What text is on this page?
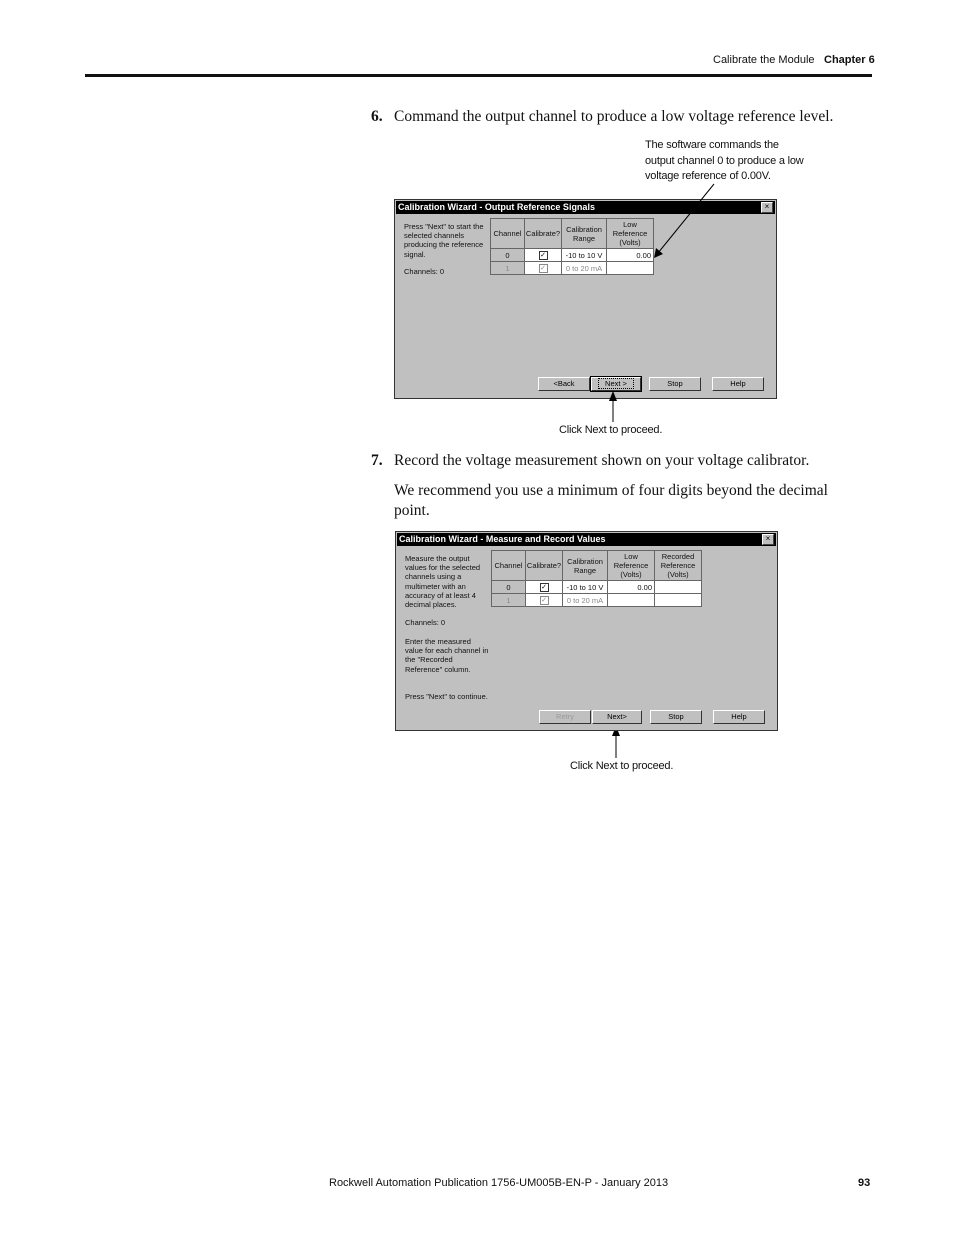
Calibrate the Module Chapter 6
6. Command the output channel to produce a low voltage reference level.
The software commands the
output channel 0 to produce a low
voltage reference of 0.00V.
Calibration Wizard - Output Reference Signals	×
Press "Next" to start the
selected channels
producing the reference
signal.
Channels: 0
Channel	Calibrate?	Calibration Range	Low Reference (Volts)
0	✓	-10 to 10 V	0.00
1	✓	0 to 20 mA	
<Back	Next >	Stop	Help
Click Next to proceed.
7. Record the voltage measurement shown on your voltage calibrator.
We recommend you use a minimum of four digits beyond the decimal point.
Calibration Wizard - Measure and Record Values	×
Measure the output
values for the selected
channels using a
multimeter with an
accuracy of at least 4
decimal places.
Channels: 0
Enter the measured
value for each channel in
the "Recorded
Reference" column.
Press "Next" to continue.
Channel	Calibrate?	Calibration Range	Low Reference (Volts)	Recorded Reference (Volts)
0	✓	-10 to 10 V	0.00	
1	✓	0 to 20 mA		
Retry	Next>	Stop	Help
Click Next to proceed.
Rockwell Automation Publication 1756-UM005B-EN-P - January 2013	93
